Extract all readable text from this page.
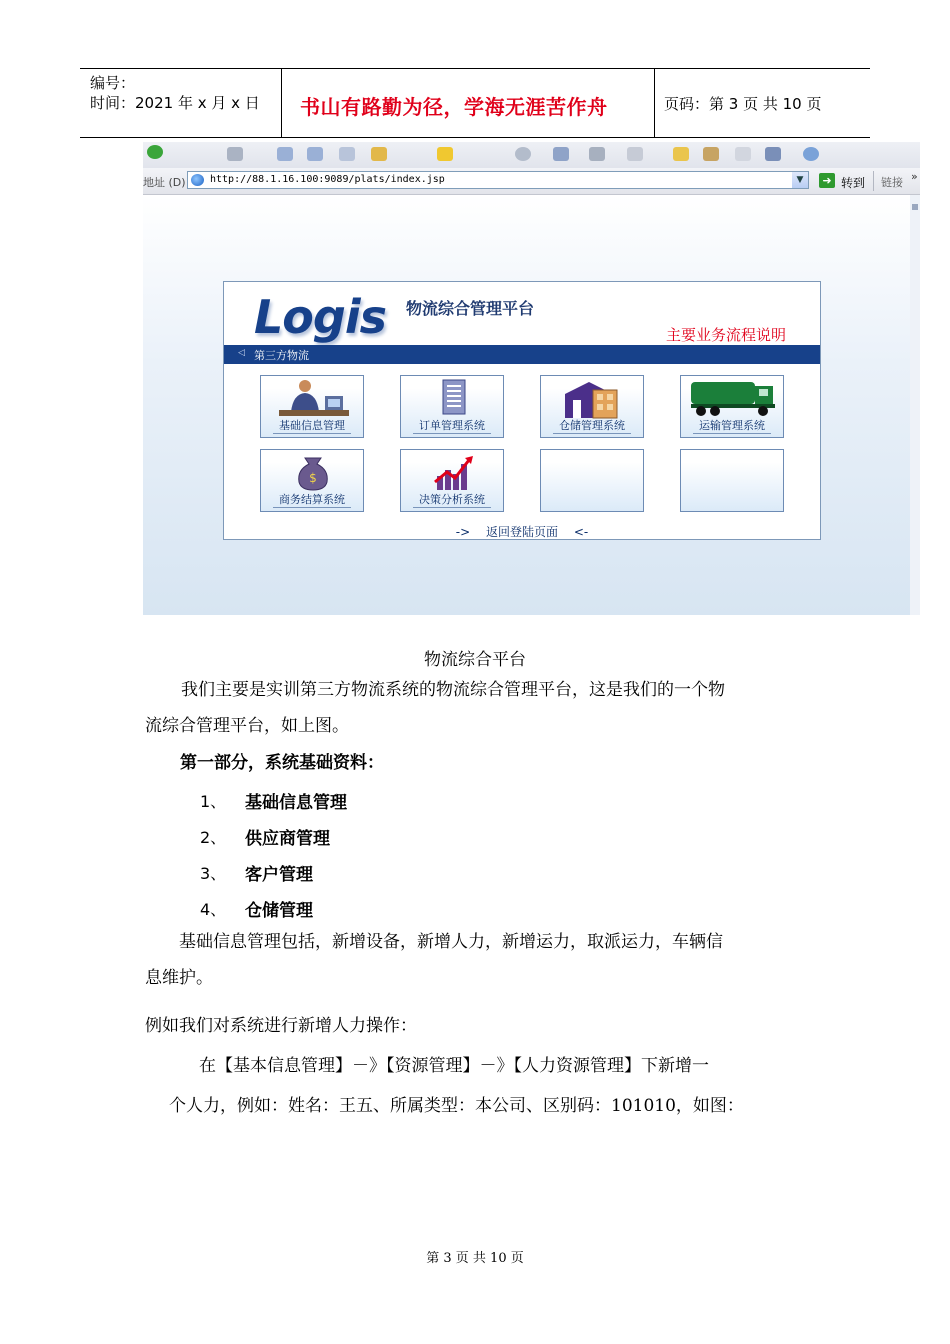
编号：
时间：2021 年 x 月 x 日 书山有路勤为径，学海无涯苦作舟	页码：第 3 页 共 10 页
地址 (D) http://88.1.16.100:9089/plats/index.jsp	▼	➜ 转到 链接 »
Logis 物流综合管理平台
主要业务流程说明
◁ 第三方物流
基础信息管理	订单管理系统	仓储管理系统	运输管理系统
$
商务结算系统	决策分析系统
-> 返回登陆页面 <-
物流综合平台
我们主要是实训第三方物流系统的物流综合管理平台，这是我们的一个物
流综合管理平台，如上图。
第一部分，系统基础资料：
1、 基础信息管理
2、 供应商管理
3、 客户管理
4、 仓储管理
基础信息管理包括，新增设备，新增人力，新增运力，取派运力，车辆信
息维护。
例如我们对系统进行新增人力操作：
在【基本信息管理】－》【资源管理】－》【人力资源管理】下新增一
个人力，例如：姓名：王五、所属类型：本公司、区别码：101010，如图：
第 3 页 共 10 页
